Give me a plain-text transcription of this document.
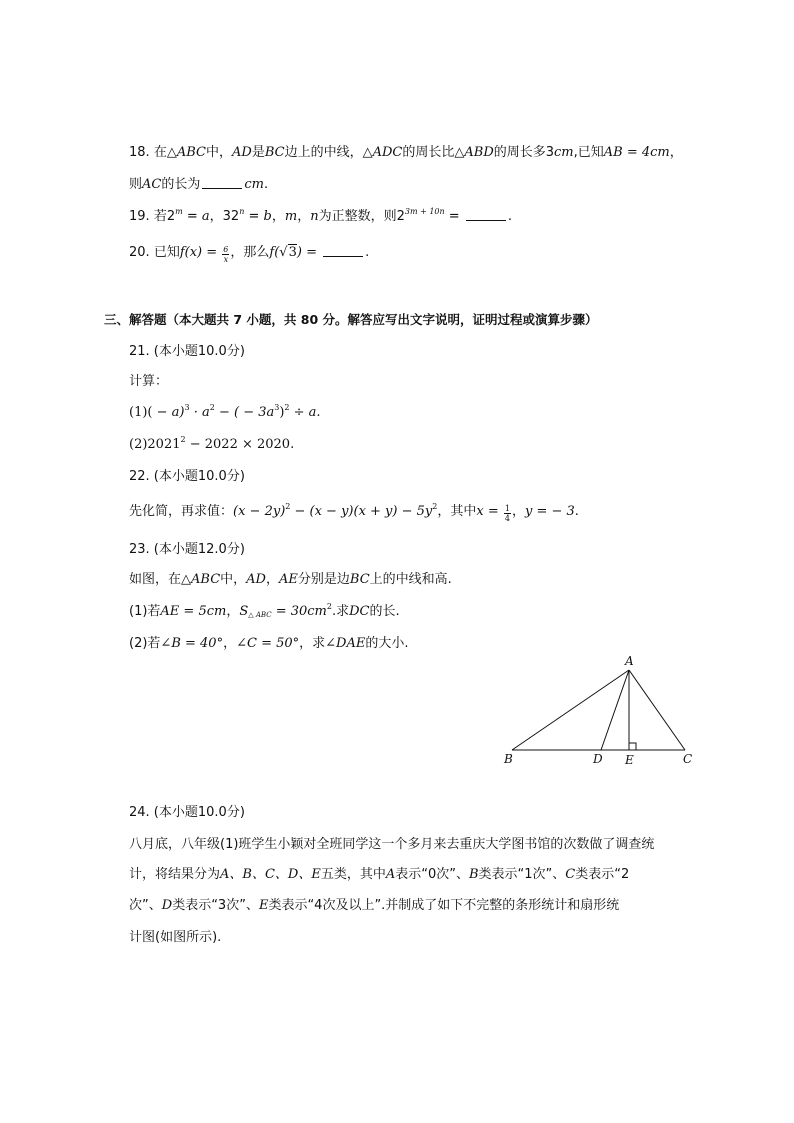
18. 在△ABC中，AD是BC边上的中线，△ADC的周长比△ABD的周长多3cm,已知AB = 4cm，
则AC的长为	cm.
19. 若$2^m = a$，$32^n = b$，m，n为正整数，则$2^{3m + 10n}$ =	.
20. 已知$f(x) = \frac{6}{x}$ ，那么f(√3) =	.
三、解答题（本大题共 7 小题，共 80 分。解答应写出文字说明，证明过程或演算步骤）
21. (本小题10.0分)
计算：
$(1)( - a)^3 \cdot a^2$ − ( − $3a^3)^2 \div a$.
$(2)2021^2 - 2022 \times 2020$.
22. (本小题10.0分)
先化简，再求值：$(x - 2y)^2 - (x - y)(x + y) - 5y^2$，其中$x = \frac{1}{4}$ ，y = − 3.
23. (本小题12.0分)
如图，在△ABC中，AD，AE分别是边BC上的中线和高.
(1)若AE = 5cm，$S_{\triangle ABC} = 30cm^2$.求DC的长.
(2)若∠B = 40°，∠C = 50°，求∠DAE的大小.
A
B	D E	C
24. (本小题10.0分)
八月底，八年级(1)班学生小颖对全班同学这一个多月来去重庆大学图书馆的次数做了调查统
计，将结果分为A、B、C、D、E五类，其中A表示“0次”、B类表示“1次”、C类表示“2
次”、D类表示“3次”、E类表示“4次及以上”.并制成了如下不完整的条形统计和扇形统
计图(如图所示).
